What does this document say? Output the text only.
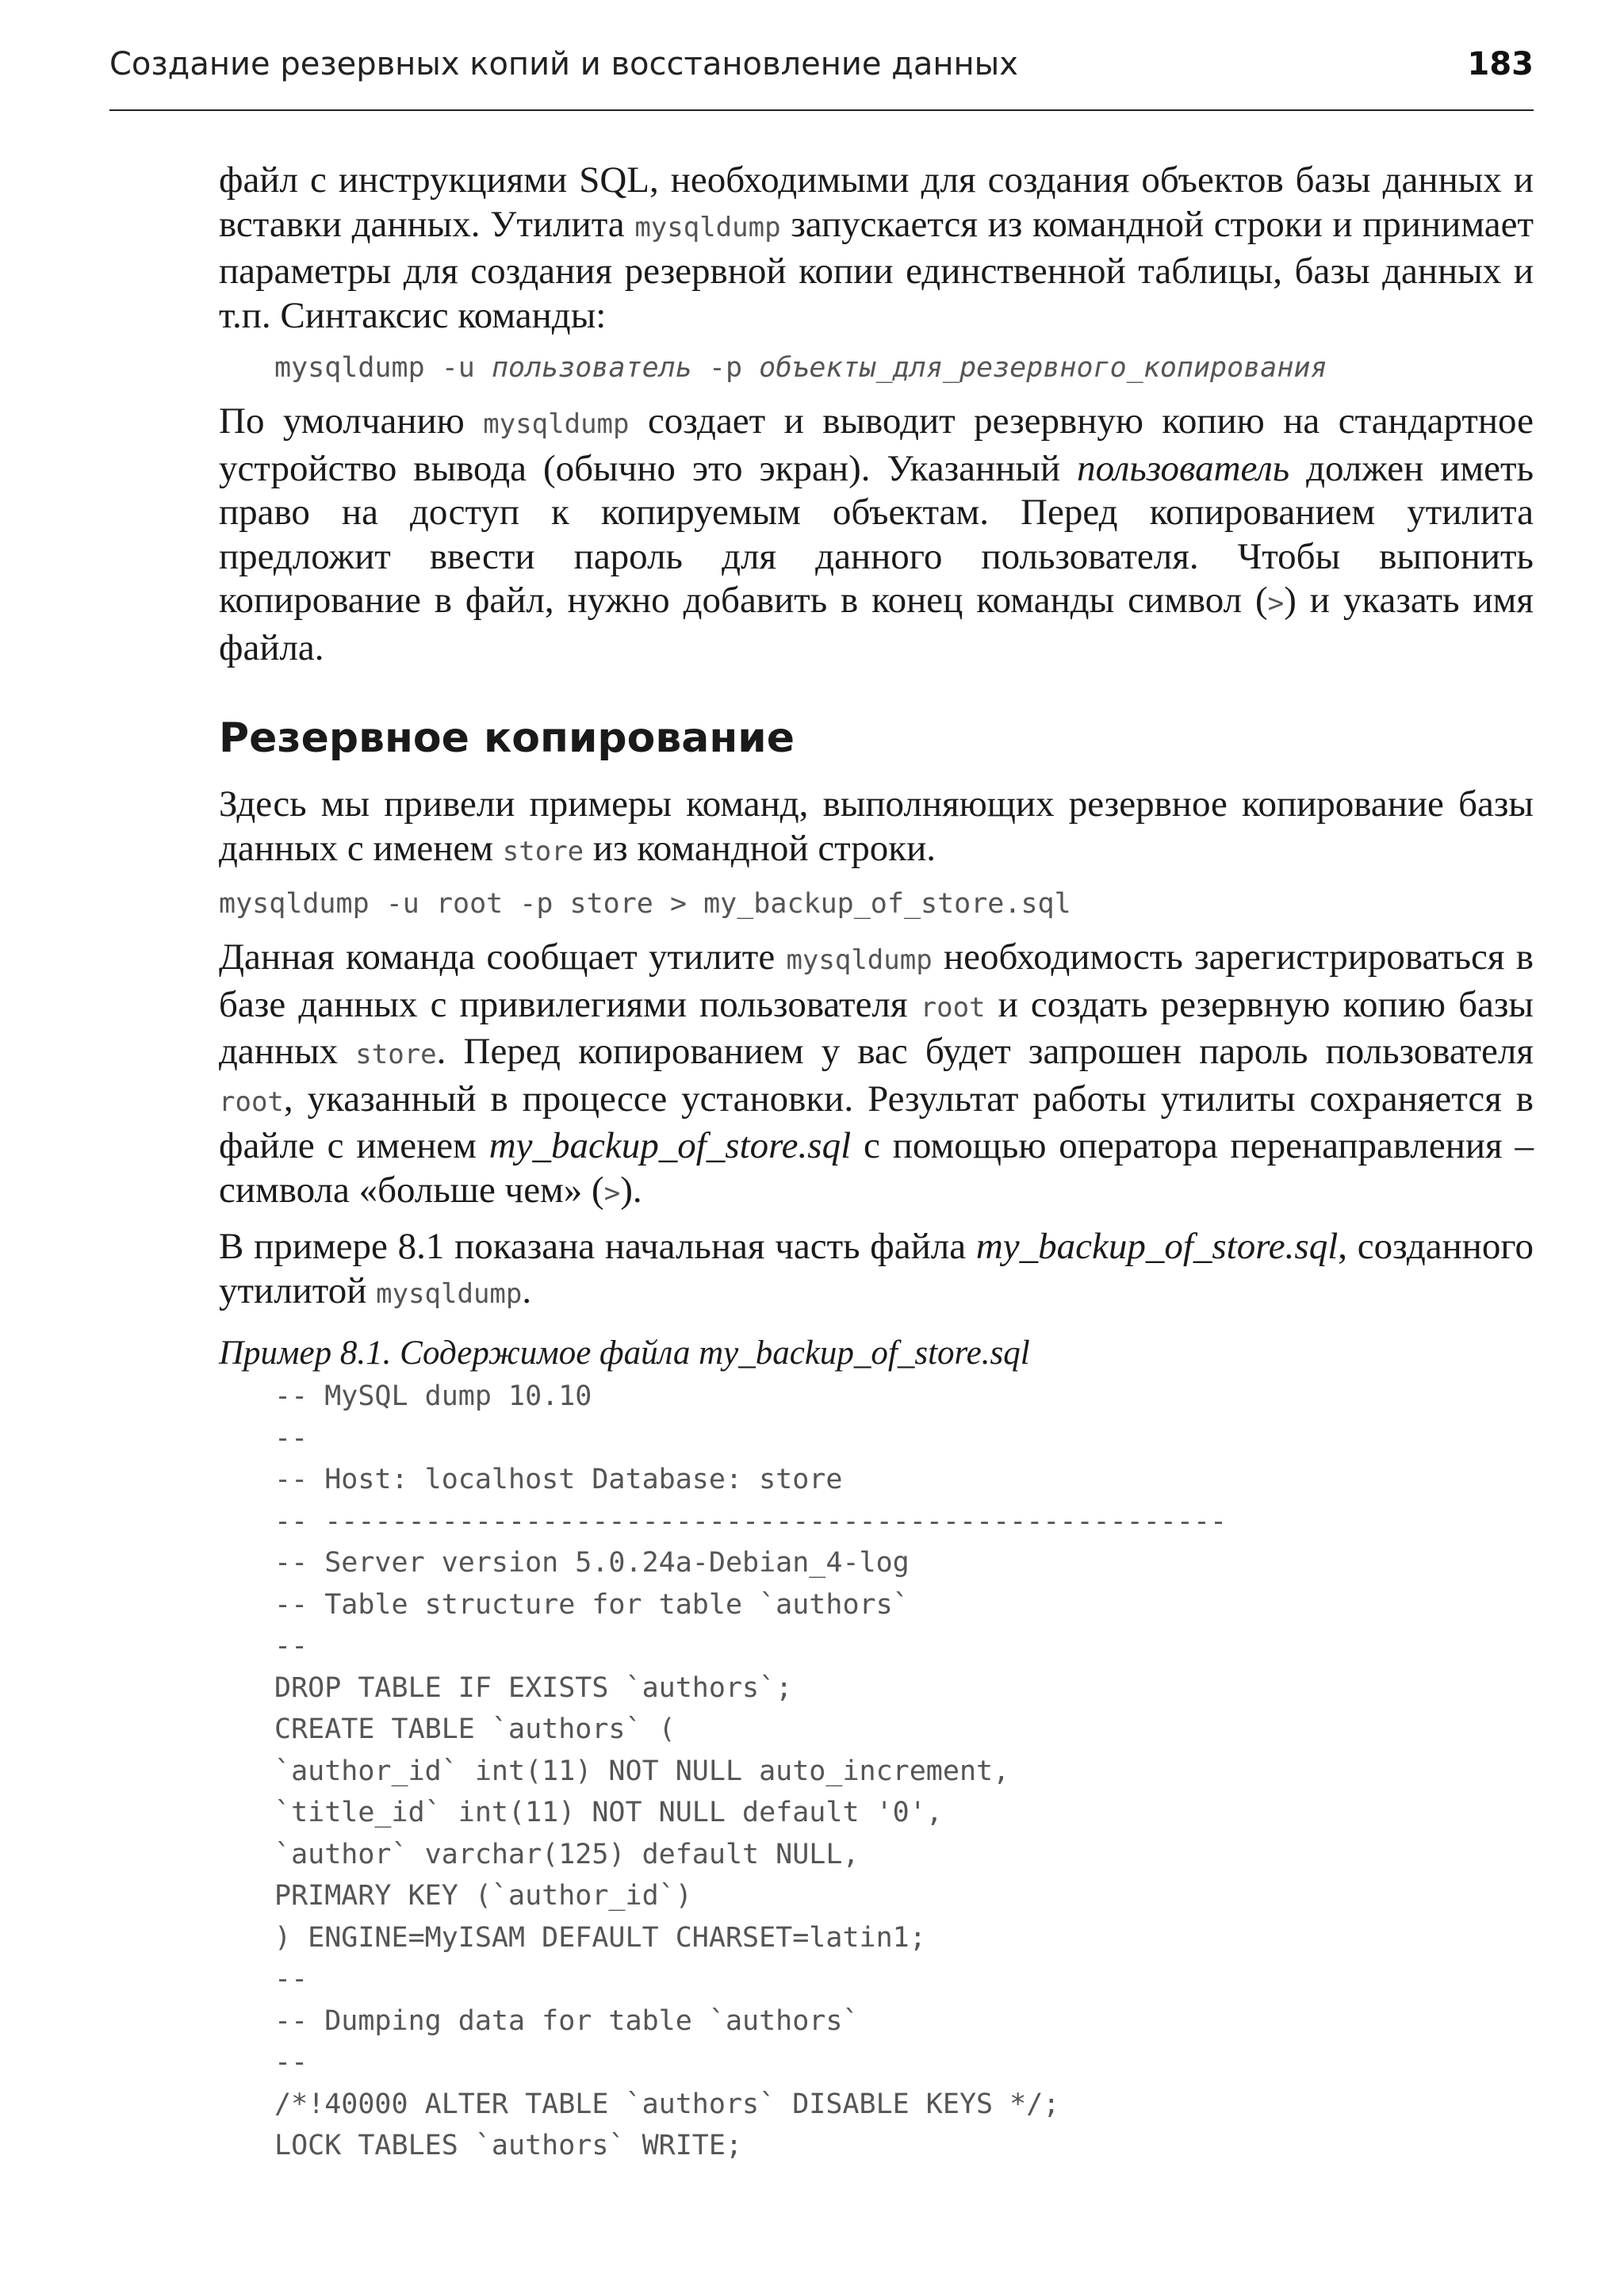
Создание резервных копий и восстановление данных	183

файл с инструкциями SQL, необходимыми для создания объектов базы данных и вставки данных. Утилита mysqldump запускается из командной строки и принимает параметры для создания резервной копии единственной таблицы, базы данных и т.п. Синтаксис команды:

mysqldump -u пользователь -p объекты_для_резервного_копирования

По умолчанию mysqldump создает и выводит резервную копию на стандартное устройство вывода (обычно это экран). Указанный пользователь должен иметь право на доступ к копируемым объектам. Перед копированием утилита предложит ввести пароль для данного пользователя. Чтобы выпонить копирование в файл, нужно добавить в конец команды символ (>) и указать имя файла.

Резервное копирование

Здесь мы привели примеры команд, выполняющих резервное копирование базы данных с именем store из командной строки.

mysqldump -u root -p store > my_backup_of_store.sql

Данная команда сообщает утилите mysqldump необходимость зарегистрироваться в базе данных с привилегиями пользователя root и создать резервную копию базы данных store. Перед копированием у вас будет запрошен пароль пользователя root, указанный в процессе установки. Результат работы утилиты сохраняется в файле с именем my_backup_of_store.sql с помощью оператора перенаправления – символа «больше чем» (>).

В примере 8.1 показана начальная часть файла my_backup_of_store.sql, созданного утилитой mysqldump.

Пример 8.1. Содержимое файла my_backup_of_store.sql
-- MySQL dump 10.10
--
-- Host: localhost Database: store
-- ------------------------------------------------------
-- Server version 5.0.24a-Debian_4-log
-- Table structure for table `authors`
--
DROP TABLE IF EXISTS `authors`;
CREATE TABLE `authors` (
`author_id` int(11) NOT NULL auto_increment,
`title_id` int(11) NOT NULL default '0',
`author` varchar(125) default NULL,
PRIMARY KEY (`author_id`)
) ENGINE=MyISAM DEFAULT CHARSET=latin1;
--
-- Dumping data for table `authors`
--
/*!40000 ALTER TABLE `authors` DISABLE KEYS */;
LOCK TABLES `authors` WRITE;
